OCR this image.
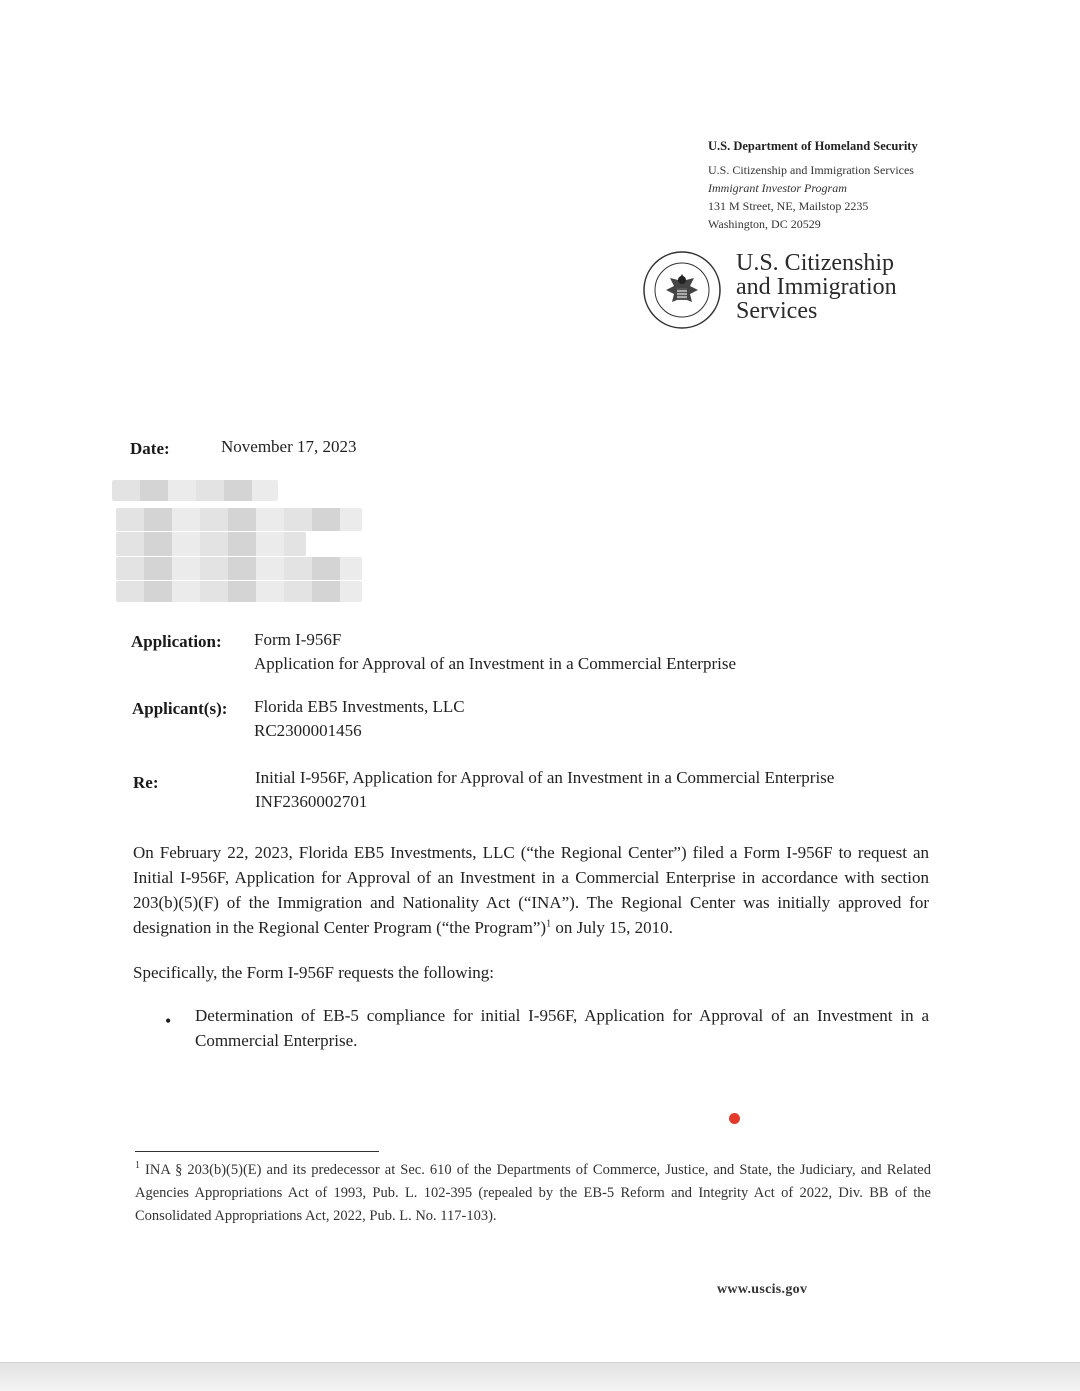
U.S. Department of Homeland Security
U.S. Citizenship and Immigration Services
Immigrant Investor Program
131 M Street, NE, Mailstop 2235
Washington, DC 20529
U.S. Citizenship
and Immigration
Services
Date:	November 17, 2023
Application: Form I-956F
Application for Approval of an Investment in a Commercial Enterprise
Applicant(s): Florida EB5 Investments, LLC
RC2300001456
Re:	Initial I-956F, Application for Approval of an Investment in a Commercial Enterprise
INF2360002701
On February 22, 2023, Florida EB5 Investments, LLC (“the Regional Center”) filed a Form I-956F to request an Initial I-956F, Application for Approval of an Investment in a Commercial Enterprise in accordance with section 203(b)(5)(F) of the Immigration and Nationality Act (“INA”). The Regional Center was initially approved for designation in the Regional Center Program (“the Program”)$^1$ on July 15, 2010.
Specifically, the Form I-956F requests the following:
• Determination of EB-5 compliance for initial I-956F, Application for Approval of an Investment in a Commercial Enterprise.
$^1$ INA § 203(b)(5)(E) and its predecessor at Sec. 610 of the Departments of Commerce, Justice, and State, the Judiciary, and Related Agencies Appropriations Act of 1993, Pub. L. 102-395 (repealed by the EB-5 Reform and Integrity Act of 2022, Div. BB of the Consolidated Appropriations Act, 2022, Pub. L. No. 117-103).
www.uscis.gov
